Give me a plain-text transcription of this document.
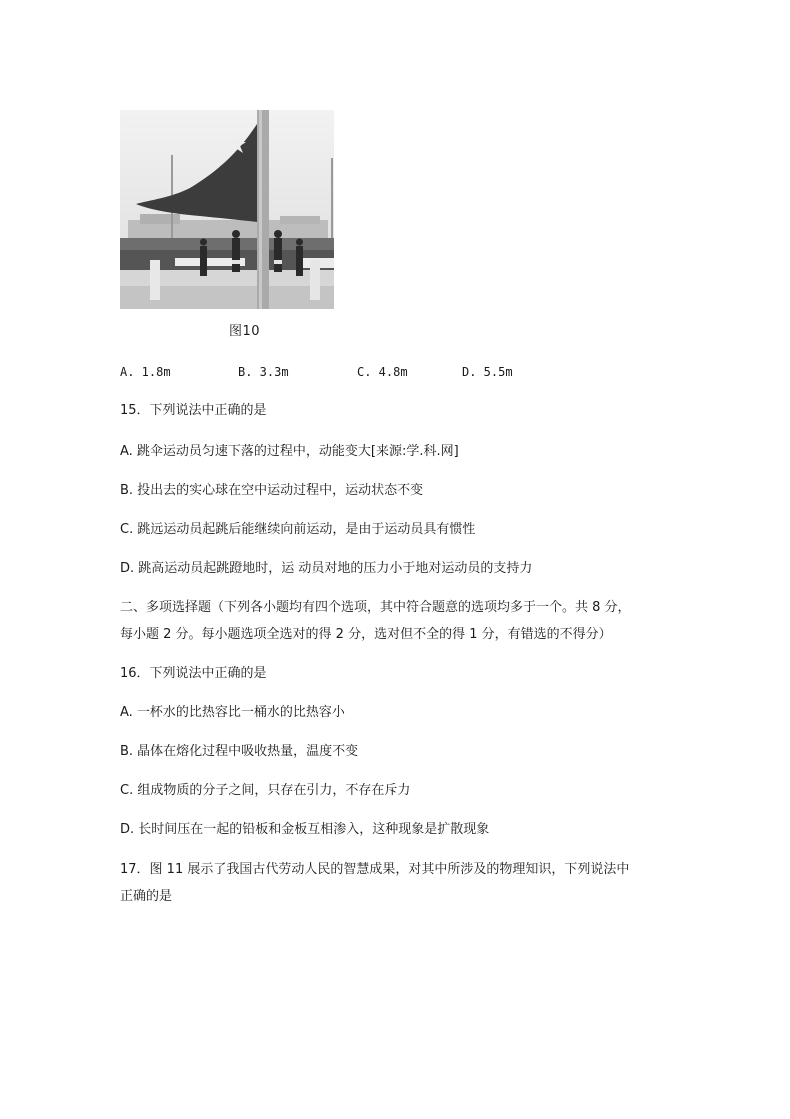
图10
A. 1.8m	B. 3.3m	C. 4.8m	D. 5.5m
15．下列说法中正确的是
A. 跳伞运动员匀速下落的过程中，动能变大[来源:学.科.网]
B. 投出去的实心球在空中运动过程中，运动状态不变
C. 跳远运动员起跳后能继续向前运动，是由于运动员具有惯性
D. 跳高运动员起跳蹬地时，运 动员对地的压力小于地对运动员的支持力
二、多项选择题（下列各小题均有四个选项，其中符合题意的选项均多于一个。共 8 分，
每小题 2 分。每小题选项全选对的得 2 分，选对但不全的得 1 分，有错选的不得分）
16．下列说法中正确的是
A. 一杯水的比热容比一桶水的比热容小
B. 晶体在熔化过程中吸收热量，温度不变
C. 组成物质的分子之间，只存在引力，不存在斥力
D. 长时间压在一起的铅板和金板互相渗入，这种现象是扩散现象
17．图 11 展示了我国古代劳动人民的智慧成果，对其中所涉及的物理知识，下列说法中
正确的是
